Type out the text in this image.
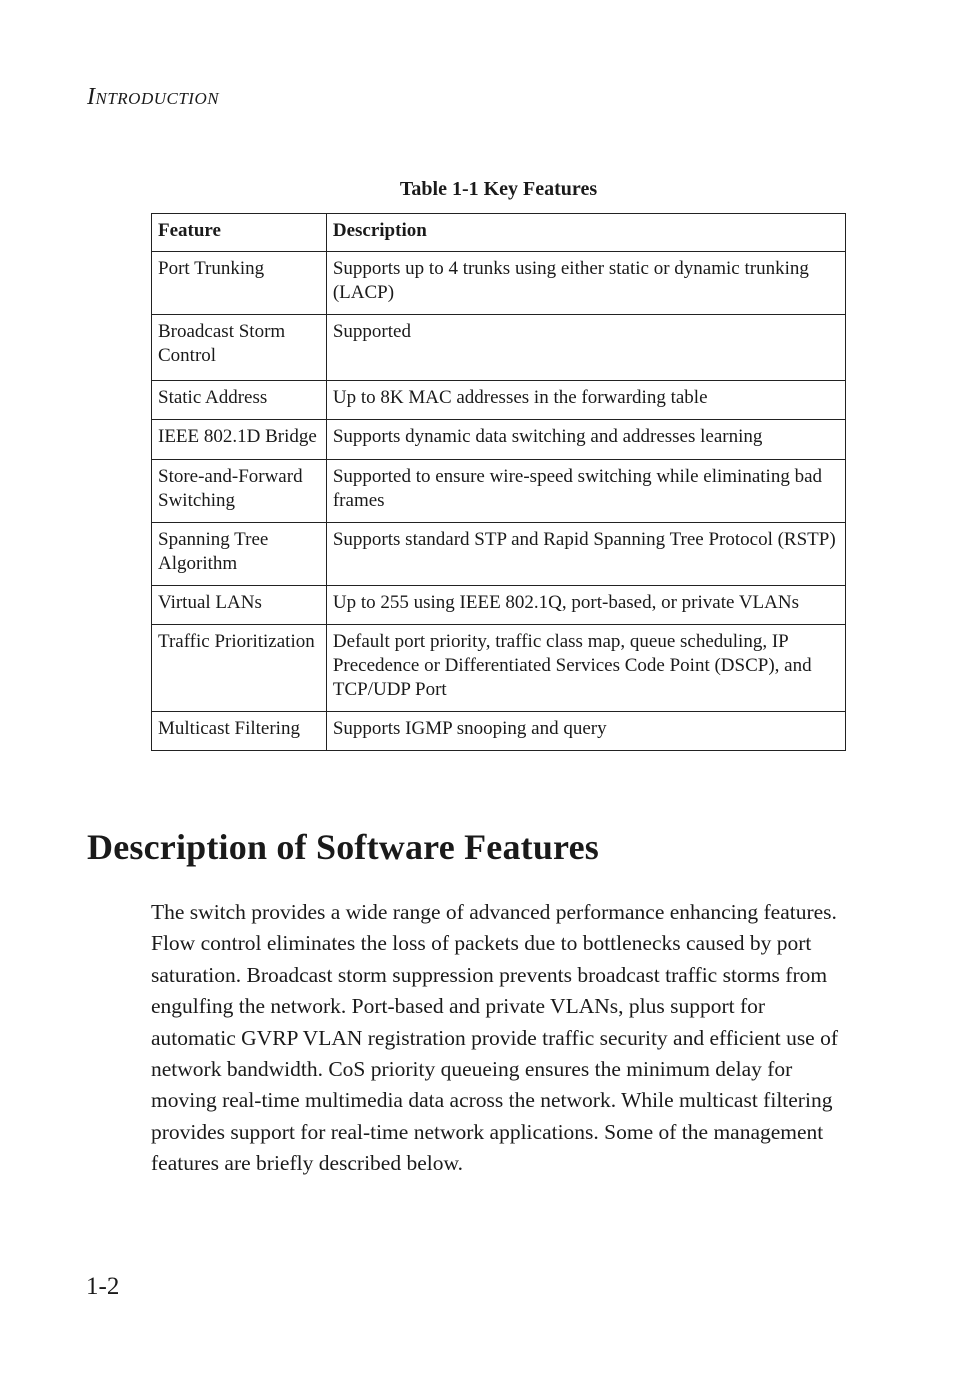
INTRODUCTION
Table 1-1 Key Features
Feature	Description
Port Trunking	Supports up to 4 trunks using either static or dynamic trunking (LACP)
Broadcast Storm Control	Supported
Static Address	Up to 8K MAC addresses in the forwarding table
IEEE 802.1D Bridge	Supports dynamic data switching and addresses learning
Store-and-Forward Switching	Supported to ensure wire-speed switching while eliminating bad frames
Spanning Tree Algorithm	Supports standard STP and Rapid Spanning Tree Protocol (RSTP)
Virtual LANs	Up to 255 using IEEE 802.1Q, port-based, or private VLANs
Traffic Prioritization	Default port priority, traffic class map, queue scheduling, IP Precedence or Differentiated Services Code Point (DSCP), and TCP/UDP Port
Multicast Filtering	Supports IGMP snooping and query
Description of Software Features

The switch provides a wide range of advanced performance enhancing features. Flow control eliminates the loss of packets due to bottlenecks caused by port saturation. Broadcast storm suppression prevents broadcast traffic storms from engulfing the network. Port-based and private VLANs, plus support for automatic GVRP VLAN registration provide traffic security and efficient use of network bandwidth. CoS priority queueing ensures the minimum delay for moving real-time multimedia data across the network. While multicast filtering provides support for real-time network applications. Some of the management features are briefly described below.

1-2
